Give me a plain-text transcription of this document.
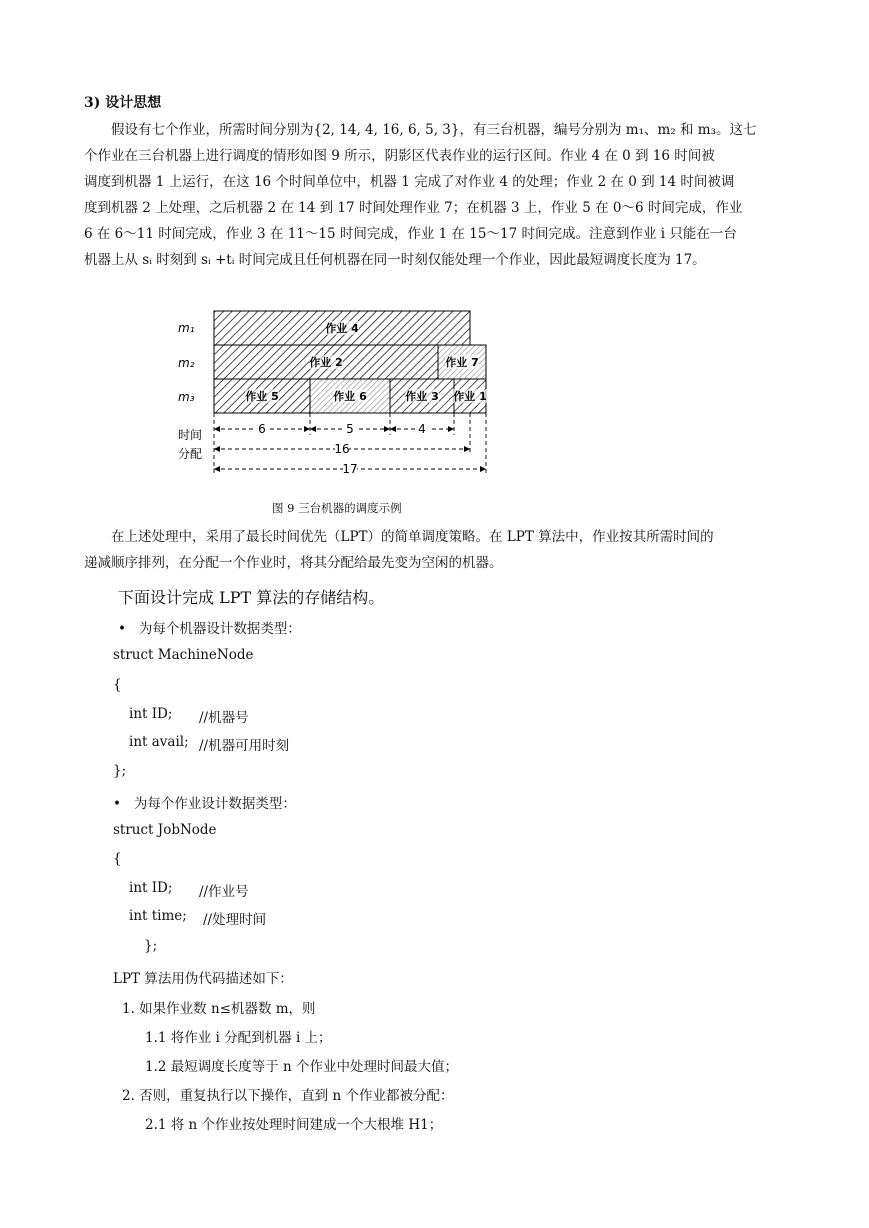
3) 设计思想
假设有七个作业，所需时间分别为{2, 14, 4, 16, 6, 5, 3}，有三台机器，编号分别为 m₁、m₂ 和 m₃。这七
个作业在三台机器上进行调度的情形如图 9 所示，阴影区代表作业的运行区间。作业 4 在 0 到 16 时间被
调度到机器 1 上运行，在这 16 个时间单位中，机器 1 完成了对作业 4 的处理；作业 2 在 0 到 14 时间被调
度到机器 2 上处理，之后机器 2 在 14 到 17 时间处理作业 7；在机器 3 上，作业 5 在 0～6 时间完成，作业
6 在 6～11 时间完成，作业 3 在 11～15 时间完成，作业 1 在 15～17 时间完成。注意到作业 i 只能在一台
机器上从 sᵢ 时刻到 sᵢ +tᵢ 时间完成且任何机器在同一时刻仅能处理一个作业，因此最短调度长度为 17。
m₁
m₂
m₃
作业 4
作业 2	作业 7
作业 5	作业 6	作业 3 作业 1
时间
分配
6	5	4
16
17
图 9 三台机器的调度示例
在上述处理中，采用了最长时间优先（LPT）的简单调度策略。在 LPT 算法中，作业按其所需时间的
递减顺序排列，在分配一个作业时，将其分配给最先变为空闲的机器。
下面设计完成 LPT 算法的存储结构。
• 为每个机器设计数据类型：
struct MachineNode
{
int ID; //机器号
int avail; //机器可用时刻
};
• 为每个作业设计数据类型：
struct JobNode
{
int ID; //作业号
int time; //处理时间
};
LPT 算法用伪代码描述如下：
1. 如果作业数 n≤机器数 m，则
1.1 将作业 i 分配到机器 i 上；
1.2 最短调度长度等于 n 个作业中处理时间最大值；
2. 否则，重复执行以下操作，直到 n 个作业都被分配：
2.1 将 n 个作业按处理时间建成一个大根堆 H1；
